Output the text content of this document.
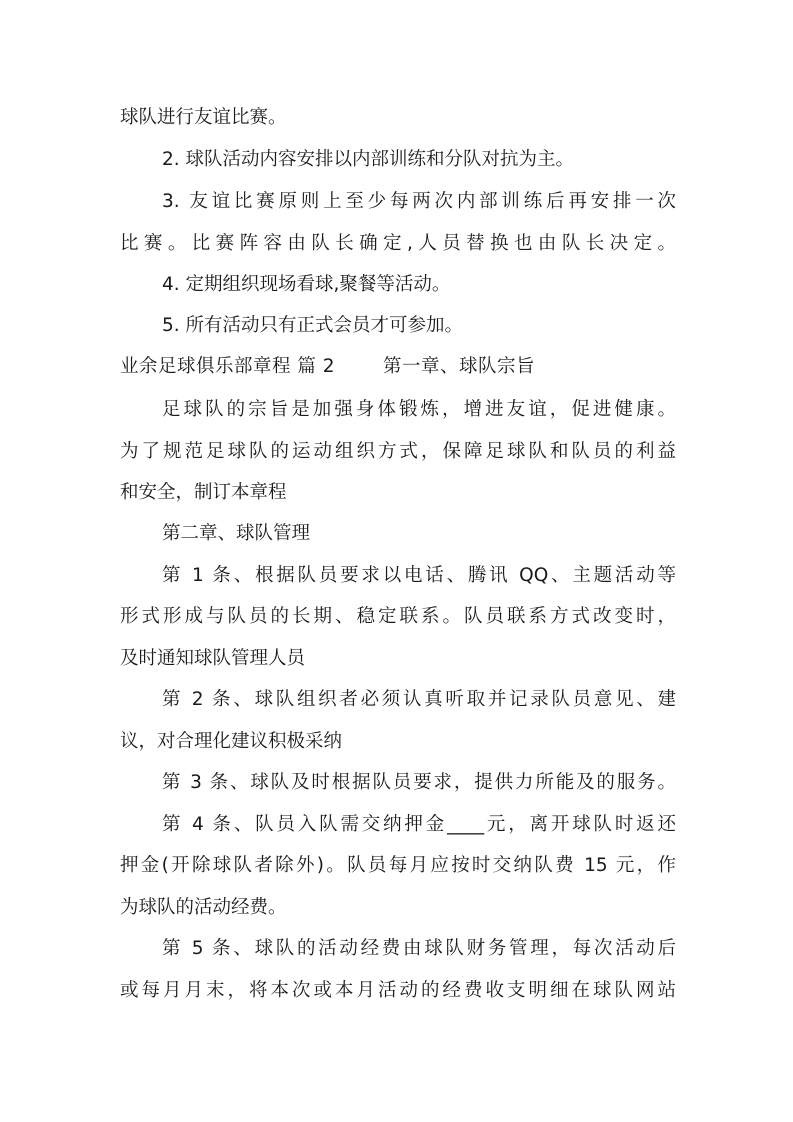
球队进行友谊比赛。
2. 球队活动内容安排以内部训练和分队对抗为主。
3. 友谊比赛原则上至少每两次内部训练后再安排一次
比赛。比赛阵容由队长确定,人员替换也由队长决定。
4. 定期组织现场看球,聚餐等活动。
5. 所有活动只有正式会员才可参加。
业余足球俱乐部章程 篇 2	第一章、球队宗旨
足球队的宗旨是加强身体锻炼，增进友谊，促进健康。
为了规范足球队的运动组织方式，保障足球队和队员的利益
和安全，制订本章程
第二章、球队管理
第 1 条、根据队员要求以电话、腾讯 QQ、主题活动等
形式形成与队员的长期、稳定联系。队员联系方式改变时，
及时通知球队管理人员
第 2 条、球队组织者必须认真听取并记录队员意见、建
议，对合理化建议积极采纳
第 3 条、球队及时根据队员要求，提供力所能及的服务。
第 4 条、队员入队需交纳押金____元，离开球队时返还
押金(开除球队者除外)。队员每月应按时交纳队费 15 元，作
为球队的活动经费。
第 5 条、球队的活动经费由球队财务管理，每次活动后
或每月月末，将本次或本月活动的经费收支明细在球队网站
